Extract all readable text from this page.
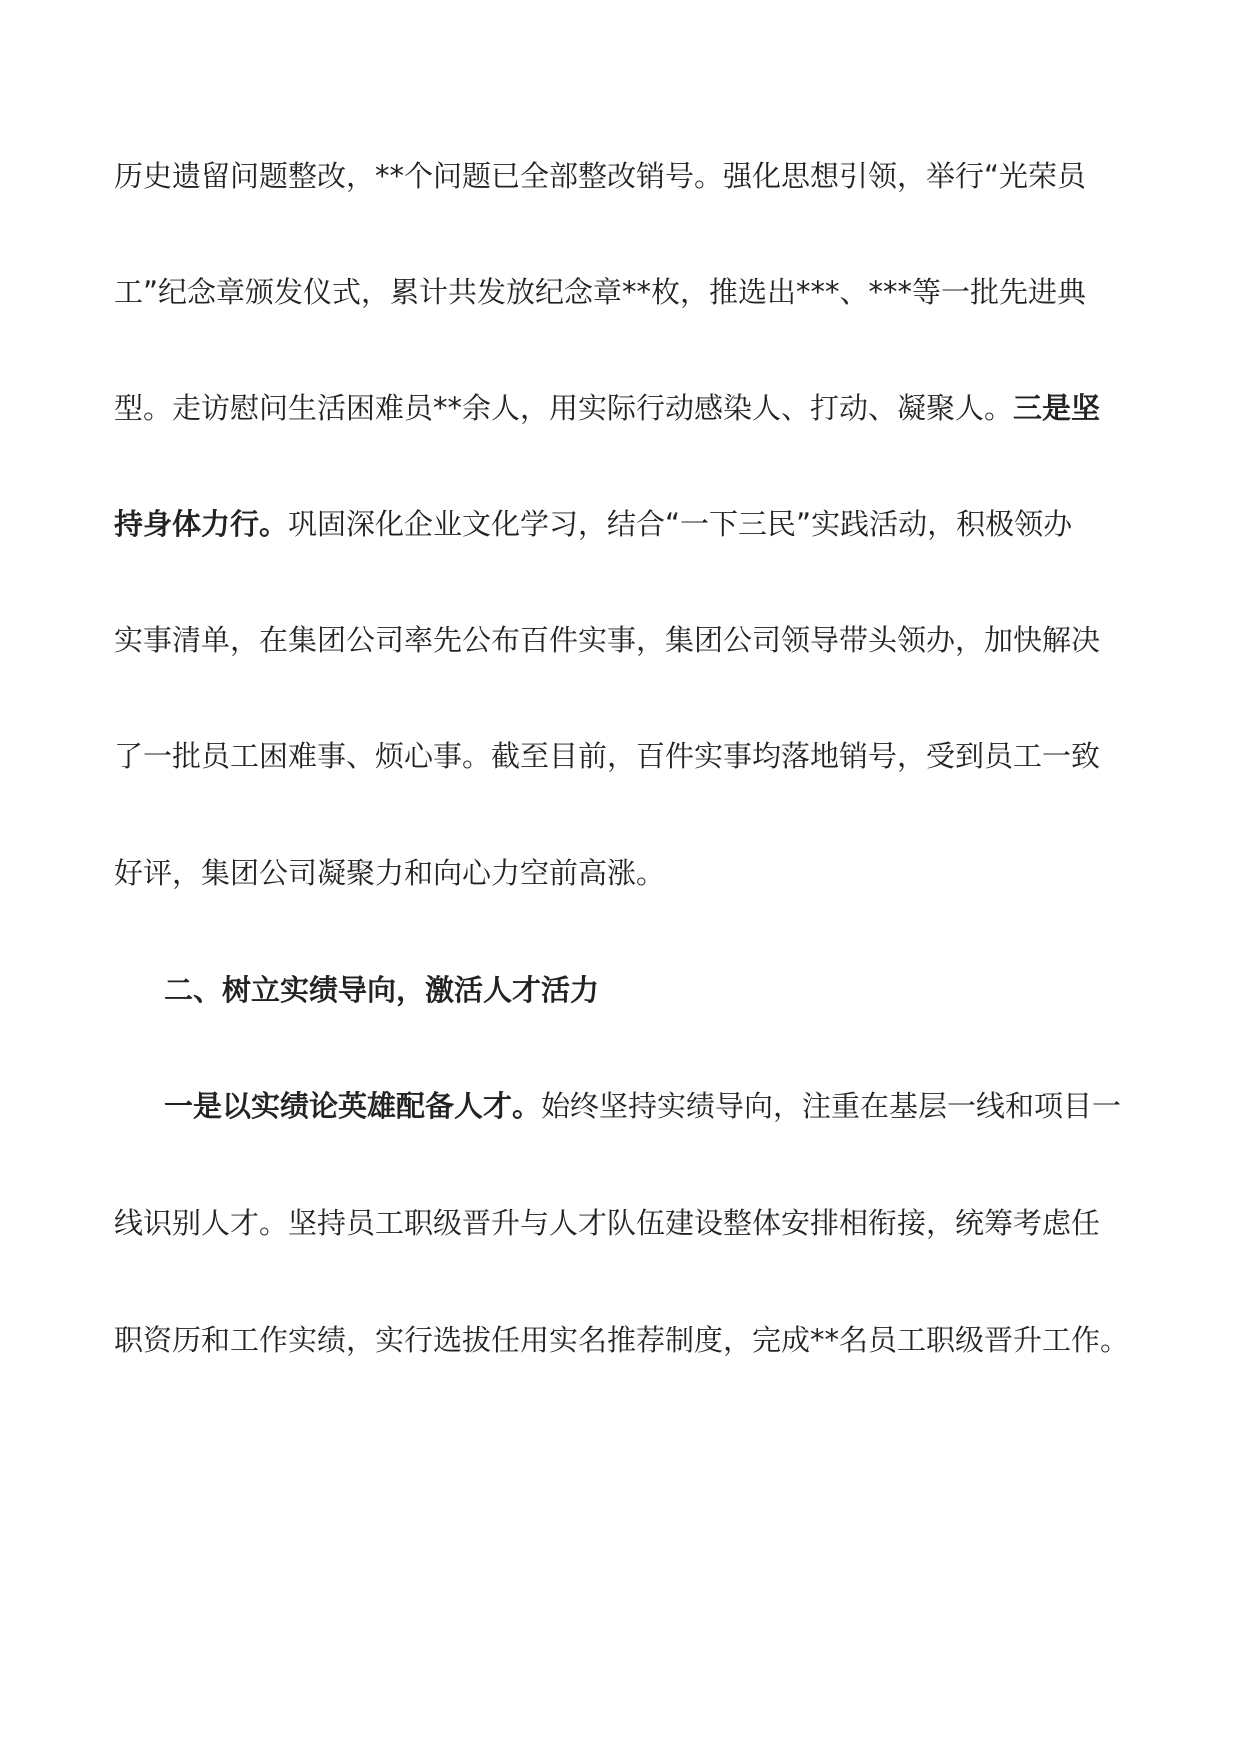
历史遗留问题整改，**个问题已全部整改销号。强化思想引领，举行“光荣员
工”纪念章颁发仪式，累计共发放纪念章**枚，推选出***、***等一批先进典
型。走访慰问生活困难员**余人，用实际行动感染人、打动、凝聚人。三是坚
持身体力行。巩固深化企业文化学习，结合“一下三民”实践活动，积极领办
实事清单，在集团公司率先公布百件实事，集团公司领导带头领办，加快解决
了一批员工困难事、烦心事。截至目前，百件实事均落地销号，受到员工一致
好评，集团公司凝聚力和向心力空前高涨。
二、树立实绩导向，激活人才活力
一是以实绩论英雄配备人才。始终坚持实绩导向，注重在基层一线和项目一
线识别人才。坚持员工职级晋升与人才队伍建设整体安排相衔接，统筹考虑任
职资历和工作实绩，实行选拔任用实名推荐制度，完成**名员工职级晋升工作。
